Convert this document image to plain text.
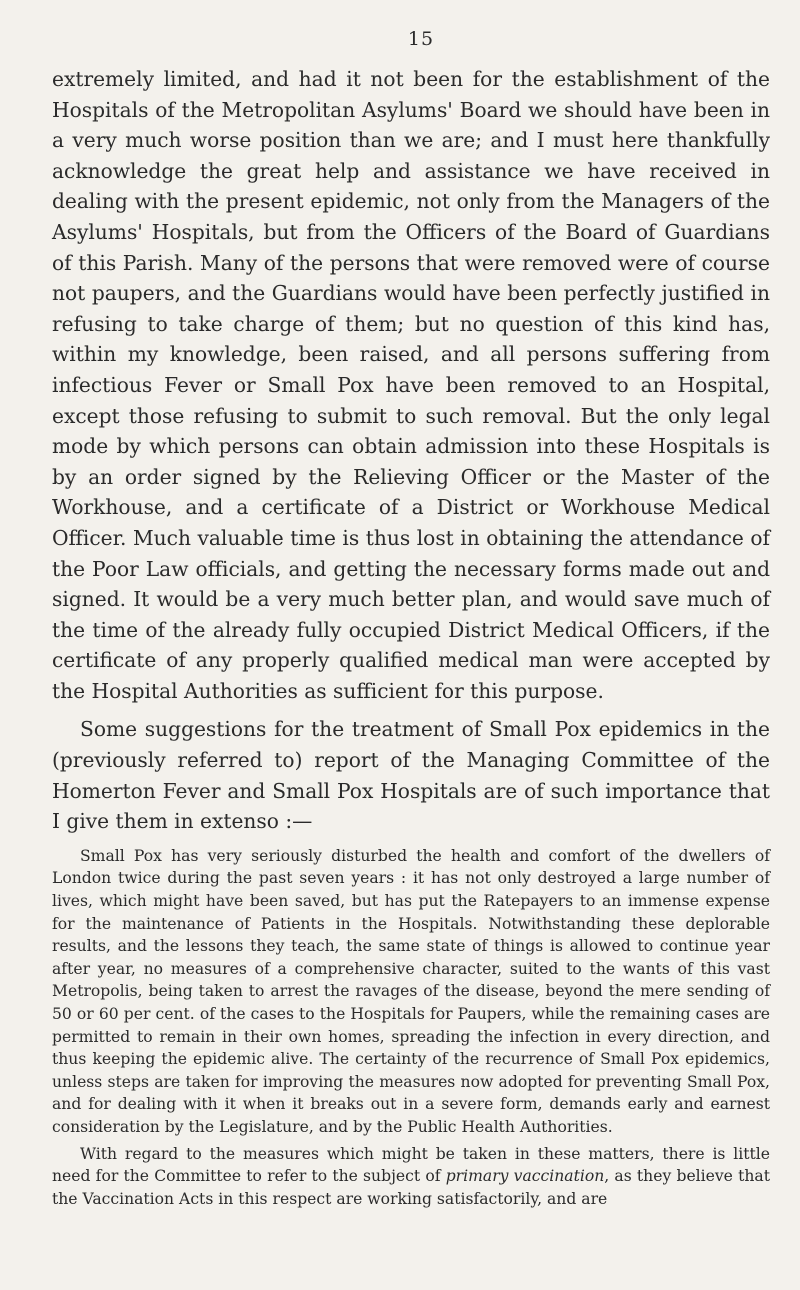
15

extremely limited, and had it not been for the establishment of the Hospitals of the Metropolitan Asylums' Board we should have been in a very much worse position than we are; and I must here thankfully acknowledge the great help and assistance we have received in dealing with the present epidemic, not only from the Managers of the Asylums' Hospitals, but from the Officers of the Board of Guardians of this Parish. Many of the persons that were removed were of course not paupers, and the Guardians would have been perfectly justified in refusing to take charge of them; but no question of this kind has, within my knowledge, been raised, and all persons suffering from infectious Fever or Small Pox have been removed to an Hospital, except those refusing to submit to such removal. But the only legal mode by which persons can obtain admission into these Hospitals is by an order signed by the Relieving Officer or the Master of the Workhouse, and a certificate of a District or Workhouse Medical Officer. Much valuable time is thus lost in obtaining the attendance of the Poor Law officials, and getting the necessary forms made out and signed. It would be a very much better plan, and would save much of the time of the already fully occupied District Medical Officers, if the certificate of any properly qualified medical man were accepted by the Hospital Authorities as sufficient for this purpose.

Some suggestions for the treatment of Small Pox epidemics in the (previously referred to) report of the Managing Committee of the Homerton Fever and Small Pox Hospitals are of such importance that I give them in extenso :—

Small Pox has very seriously disturbed the health and comfort of the dwellers of London twice during the past seven years : it has not only destroyed a large number of lives, which might have been saved, but has put the Ratepayers to an immense expense for the maintenance of Patients in the Hospitals. Notwithstanding these deplorable results, and the lessons they teach, the same state of things is allowed to continue year after year, no measures of a comprehensive character, suited to the wants of this vast Metropolis, being taken to arrest the ravages of the disease, beyond the mere sending of 50 or 60 per cent. of the cases to the Hospitals for Paupers, while the remaining cases are permitted to remain in their own homes, spreading the infection in every direction, and thus keeping the epidemic alive. The certainty of the recurrence of Small Pox epidemics, unless steps are taken for improving the measures now adopted for preventing Small Pox, and for dealing with it when it breaks out in a severe form, demands early and earnest consideration by the Legislature, and by the Public Health Authorities.

With regard to the measures which might be taken in these matters, there is little need for the Committee to refer to the subject of primary vaccination, as they believe that the Vaccination Acts in this respect are working satisfactorily, and are
